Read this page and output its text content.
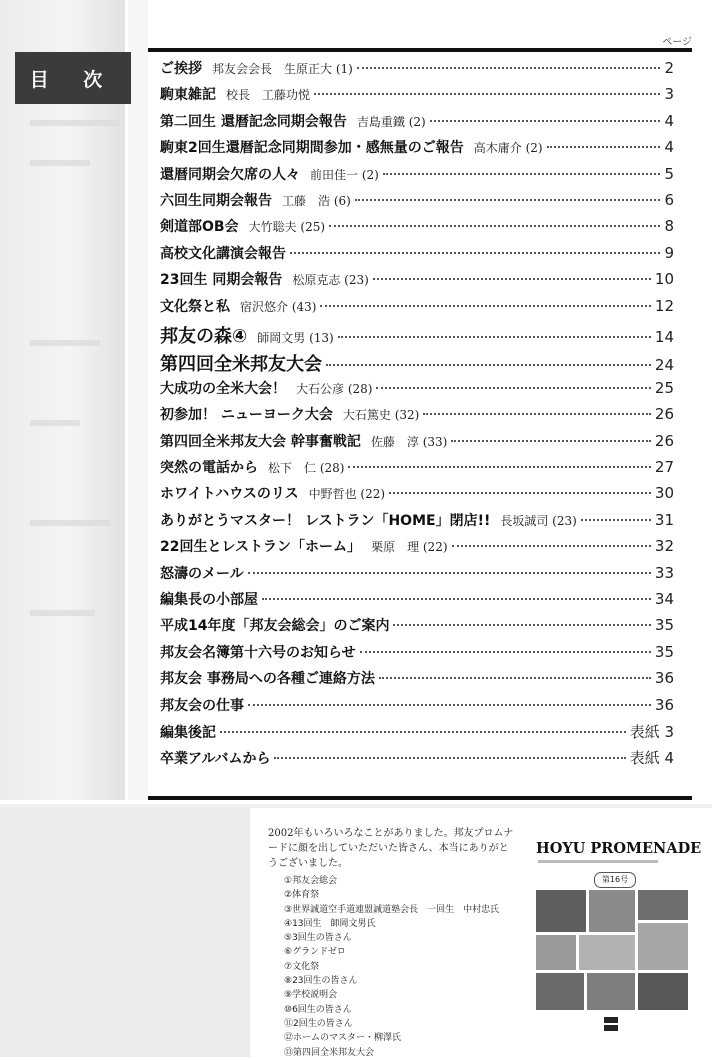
目 次
ページ
ご挨拶 邦友会会長　生原正大 (1)	2
駒東雑記 校長　工藤功悦	3
第二回生 還暦記念同期会報告 吉島重鐵 (2)	4
駒東2回生還暦記念同期間参加・感無量のご報告 高木庸介 (2)	4
還暦同期会欠席の人々 前田佳一 (2)	5
六回生同期会報告 工藤　浩 (6)	6
剣道部OB会 大竹聡夫 (25)	8
高校文化講演会報告	9
23回生 同期会報告 松原克志 (23)	10
文化祭と私 宿沢悠介 (43)	12
邦友の森④ 師岡文男 (13)	14
第四回全米邦友大会	24
大成功の全米大会！ 大石公彦 (28)	25
初参加！ ニューヨーク大会 大石篤史 (32)	26
第四回全米邦友大会 幹事奮戦記 佐藤　淳 (33)	26
突然の電話から 松下　仁 (28)	27
ホワイトハウスのリス 中野哲也 (22)	30
ありがとうマスター！ レストラン「HOME」閉店!! 長坂誠司 (23)	31
22回生とレストラン「ホーム」 栗原　理 (22)	32
怒濤のメール	33
編集長の小部屋	34
平成14年度「邦友会総会」のご案内	35
邦友会名簿第十六号のお知らせ	35
邦友会 事務局への各種ご連絡方法	36
邦友会の仕事	36
編集後記	表紙 3
卒業アルバムから	表紙 4
2002年もいろいろなことがありました。邦友プロムナードに顔を出していただいた皆さん、本当にありがとうございました。
①邦友会総会
②体育祭
③世界誠道空手道連盟誠道塾会長　一回生　中村忠氏
④13回生　師岡文男氏
⑤3回生の皆さん
⑥グランドゼロ
⑦文化祭
⑧23回生の皆さん
⑨学校説明会
⑩6回生の皆さん
⑪2回生の皆さん
⑫ホームのマスター・柳澤氏
⑬第四回全米邦友大会
HOYU PROMENADE
第16号
